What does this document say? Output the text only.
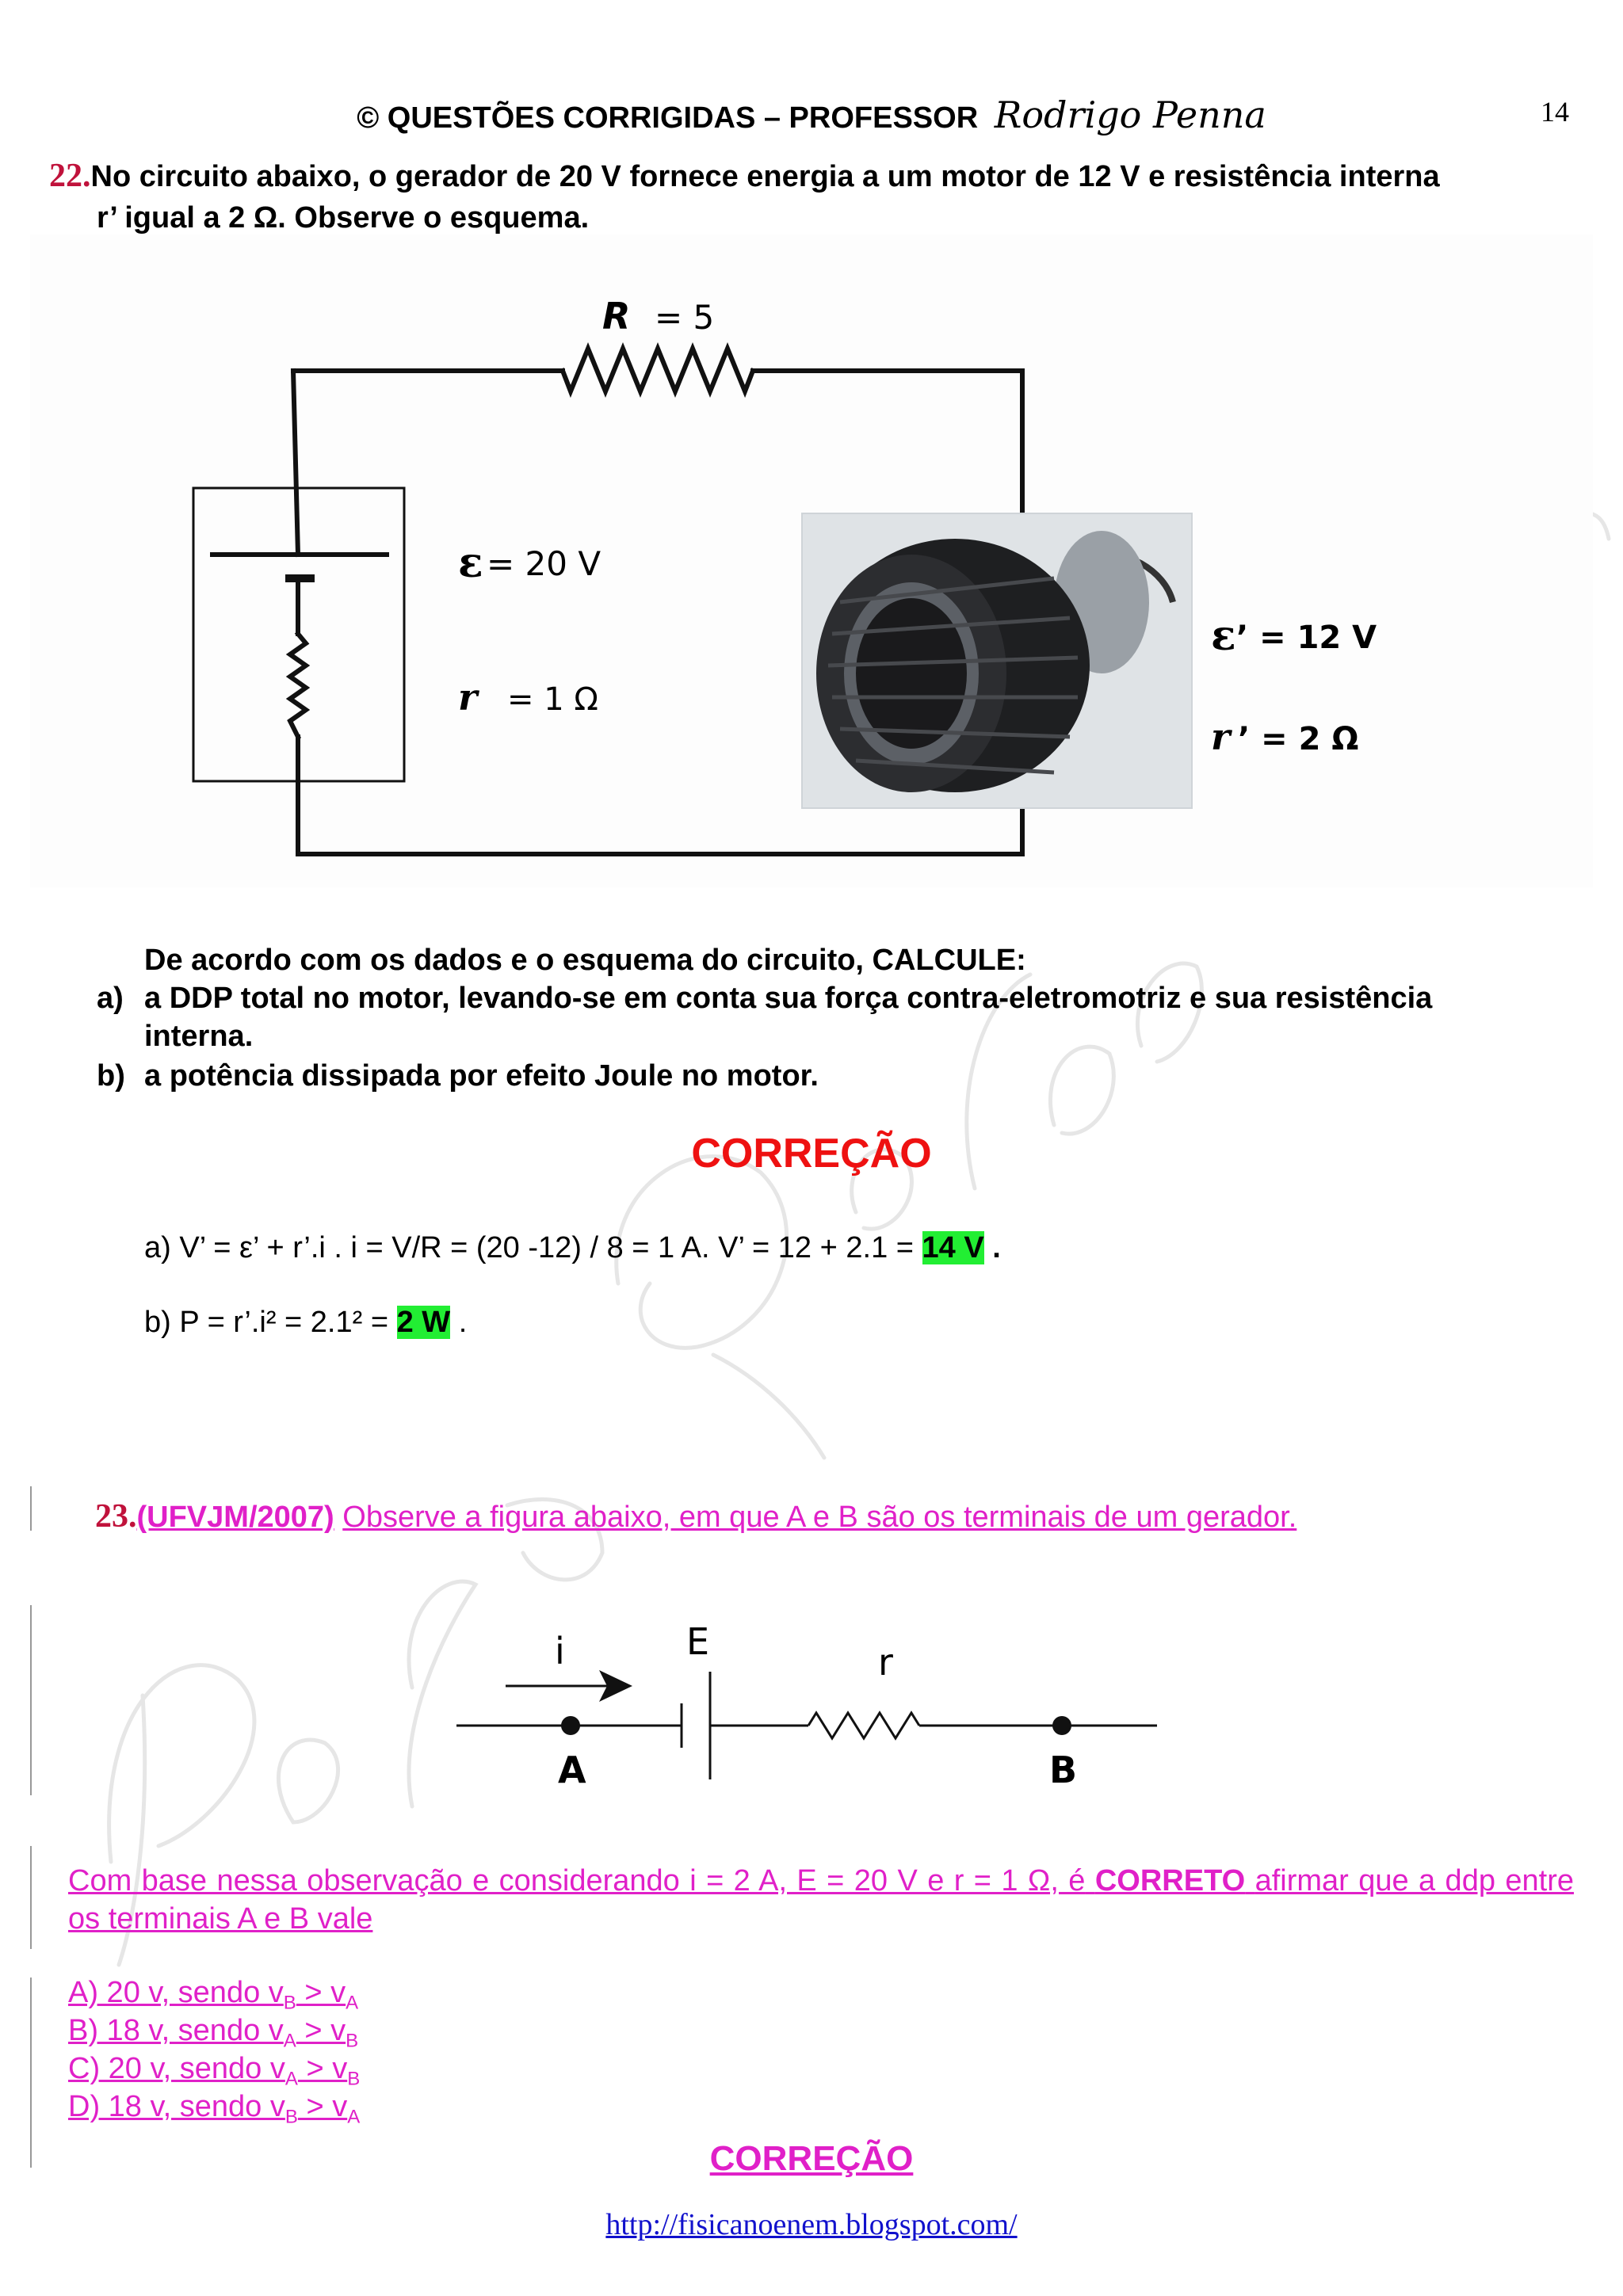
© QUESTÕES CORRIGIDAS – PROFESSOR Rodrigo Penna	14
22.No circuito abaixo, o gerador de 20 V fornece energia a um motor de 12 V e resistência interna
r’ igual a 2 Ω. Observe o esquema.
R = 5
ε = 20 V
r = 1 Ω
ε ’ = 12 V
r ’ = 2 Ω
De acordo com os dados e o esquema do circuito, CALCULE:
a) a DDP total no motor, levando-se em conta sua força contra-eletromotriz e sua resistência
interna.
b) a potência dissipada por efeito Joule no motor.
CORREÇÃO
a) V’ = ε’ + r’.i . i = V/R = (20 -12) / 8 = 1 A. V’ = 12 + 2.1 = 14 V .
b) P = r’.i² = 2.1² = 2 W .
23.(UFVJM/2007) Observe a figura abaixo, em que A e B são os terminais de um gerador.
i	E	r
A	B
Com base nessa observação e considerando i = 2 A, E = 20 V e r = 1 Ω, é CORRETO afirmar que a ddp entre os terminais A e B vale
A) 20 v, sendo $v_B > v_A$
B) 18 v, sendo $v_A > v_B$
C) 20 v, sendo $v_A > v_B$
D) 18 v, sendo $v_B > v_A$
CORREÇÃO
http://fisicanoenem.blogspot.com/
